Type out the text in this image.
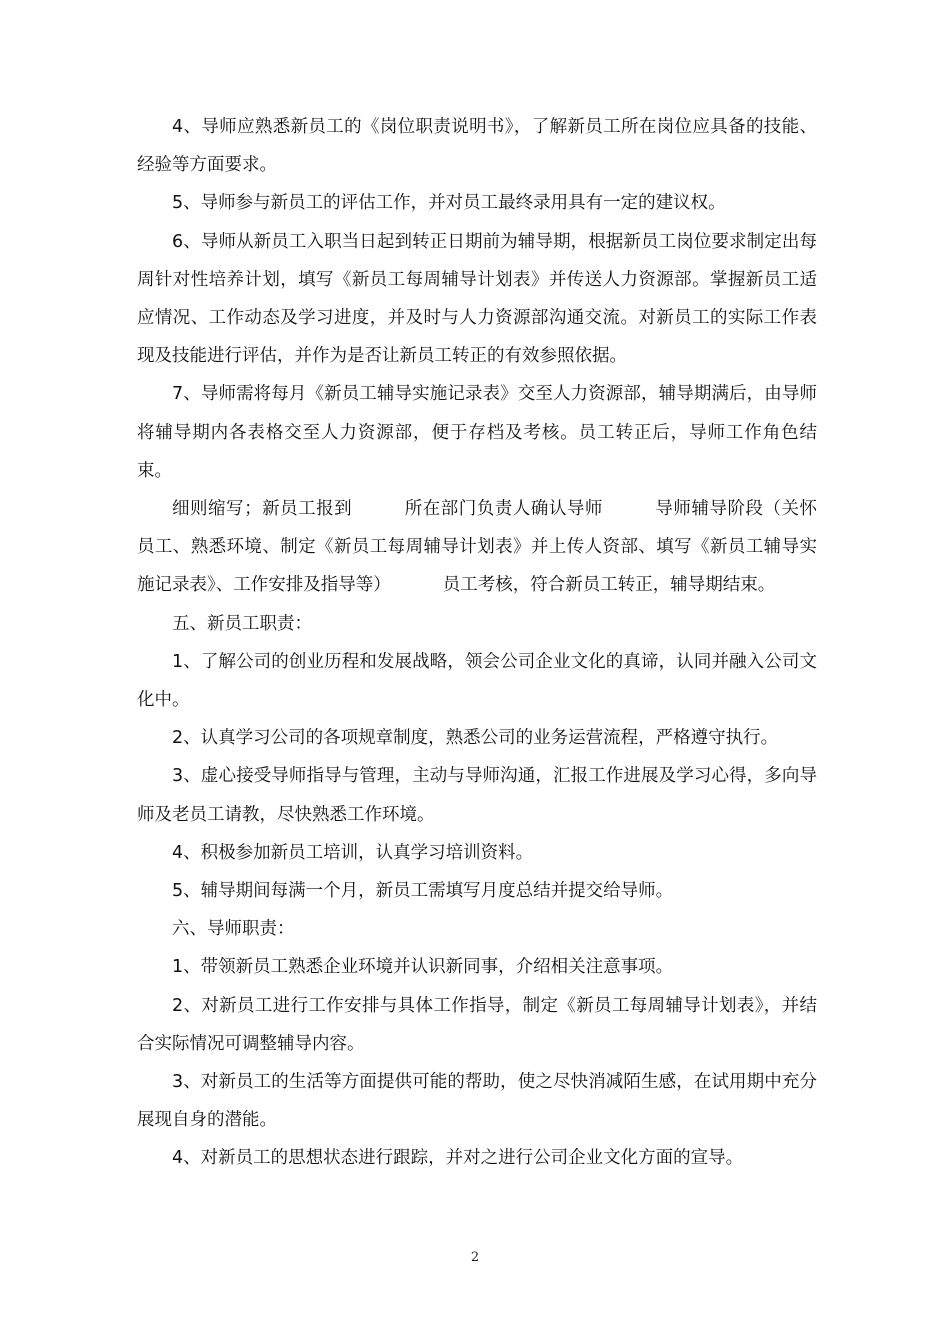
4、导师应熟悉新员工的《岗位职责说明书》，了解新员工所在岗位应具备的技能、经验等方面要求。

5、导师参与新员工的评估工作，并对员工最终录用具有一定的建议权。

6、导师从新员工入职当日起到转正日期前为辅导期，根据新员工岗位要求制定出每周针对性培养计划，填写《新员工每周辅导计划表》并传送人力资源部。掌握新员工适应情况、工作动态及学习进度，并及时与人力资源部沟通交流。对新员工的实际工作表现及技能进行评估，并作为是否让新员工转正的有效参照依据。

7、导师需将每月《新员工辅导实施记录表》交至人力资源部，辅导期满后，由导师将辅导期内各表格交至人力资源部，便于存档及考核。员工转正后，导师工作角色结束。

细则缩写；新员工报到	所在部门负责人确认导师	导师辅导阶段（关怀员工、熟悉环境、制定《新员工每周辅导计划表》并上传人资部、填写《新员工辅导实施记录表》、工作安排及指导等）	员工考核，符合新员工转正，辅导期结束。

五、新员工职责：

1、了解公司的创业历程和发展战略，领会公司企业文化的真谛，认同并融入公司文化中。

2、认真学习公司的各项规章制度，熟悉公司的业务运营流程，严格遵守执行。

3、虚心接受导师指导与管理，主动与导师沟通，汇报工作进展及学习心得，多向导师及老员工请教，尽快熟悉工作环境。

4、积极参加新员工培训，认真学习培训资料。

5、辅导期间每满一个月，新员工需填写月度总结并提交给导师。

六、导师职责：

1、带领新员工熟悉企业环境并认识新同事，介绍相关注意事项。

2、对新员工进行工作安排与具体工作指导，制定《新员工每周辅导计划表》，并结合实际情况可调整辅导内容。

3、对新员工的生活等方面提供可能的帮助，使之尽快消减陌生感，在试用期中充分展现自身的潜能。

4、对新员工的思想状态进行跟踪，并对之进行公司企业文化方面的宣导。

2
